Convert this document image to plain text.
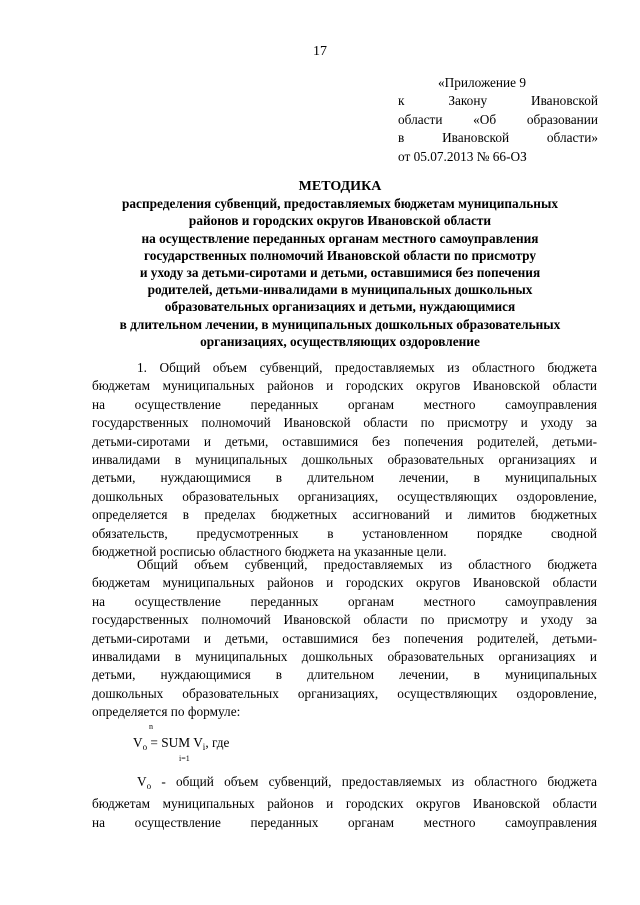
17
«Приложение 9
к Закону Ивановской
области «Об образовании
в Ивановской области»
от 05.07.2013 № 66-ОЗ
МЕТОДИКА
распределения субвенций, предоставляемых бюджетам муниципальных
районов и городских округов Ивановской области
на осуществление переданных органам местного самоуправления
государственных полномочий Ивановской области по присмотру
и уходу за детьми-сиротами и детьми, оставшимися без попечения
родителей, детьми-инвалидами в муниципальных дошкольных
образовательных организациях и детьми, нуждающимися
в длительном лечении, в муниципальных дошкольных образовательных
организациях, осуществляющих оздоровление

1. Общий объем субвенций, предоставляемых из областного бюджета
бюджетам муниципальных районов и городских округов Ивановской области
на осуществление переданных органам местного самоуправления
государственных полномочий Ивановской области по присмотру и уходу за
детьми-сиротами и детьми, оставшимися без попечения родителей, детьми-
инвалидами в муниципальных дошкольных образовательных организациях и
детьми, нуждающимися в длительном лечении, в муниципальных
дошкольных образовательных организациях, осуществляющих оздоровление,
определяется в пределах бюджетных ассигнований и лимитов бюджетных
обязательств, предусмотренных в установленном порядке сводной
бюджетной росписью областного бюджета на указанные цели.

Общий объем субвенций, предоставляемых из областного бюджета
бюджетам муниципальных районов и городских округов Ивановской области
на осуществление переданных органам местного самоуправления
государственных полномочий Ивановской области по присмотру и уходу за
детьми-сиротами и детьми, оставшимися без попечения родителей, детьми-
инвалидами в муниципальных дошкольных образовательных организациях и
детьми, нуждающимися в длительном лечении, в муниципальных
дошкольных образовательных организациях, осуществляющих оздоровление,
определяется по формуле:

n
$V_o$ = SUM $V_i$, где
i=1

$V_o$ - общий объем субвенций, предоставляемых из областного бюджета
бюджетам муниципальных районов и городских округов Ивановской области
на осуществление переданных органам местного самоуправления
